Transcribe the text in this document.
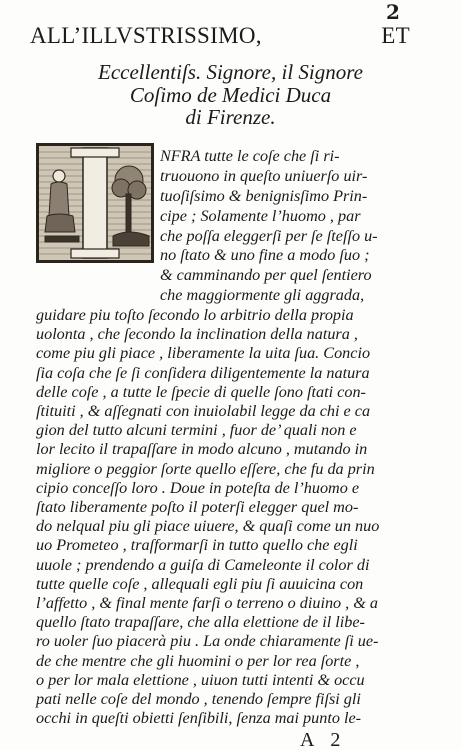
2
ALL’ILLVSTRISSIMO,	ET
Eccellentiſs. Signore, il Signore
Coſimo de Medici Duca
di Firenze.
NFRA tutte le coſe che ſi ri-
truouono in queſto uniuerſo uir-
tuoſiſsimo & benignisſimo Prin-
cipe ; Solamente l’huomo , par
che poſſa eleggerſi per ſe ſteſſo u-
no ſtato & uno fine a modo ſuo ;
& camminando per quel ſentiero
che maggiormente gli aggrada,
guidare piu toſto ſecondo lo arbitrio della propia
uolonta , che ſecondo la inclination della natura ,
come piu gli piace , liberamente la uita ſua. Concio
ſia coſa che ſe ſi conſidera diligentemente la natura
delle coſe , a tutte le ſpecie di quelle ſono ſtati con-
ſtituiti , & aſſegnati con inuiolabil legge da chi e ca
gion del tutto alcuni termini , fuor de’ quali non e
lor lecito il trapaſſare in modo alcuno , mutando in
migliore o peggior ſorte quello eſſere, che fu da prin
cipio conceſſo loro . Doue in poteſta de l’huomo e
ſtato liberamente poſto il poterſi elegger quel mo-
do nelqual piu gli piace uiuere, & quaſi come un nuo
uo Prometeo , traſformarſi in tutto quello che egli
uuole ; prendendo a guiſa di Cameleonte il color di
tutte quelle coſe , allequali egli piu ſi auuicina con
l’affetto , & final mente farſi o terreno o diuino , & a
quello ſtato trapaſſare, che alla elettione de il libe-
ro uoler ſuo piacerà piu . La onde chiaramente ſi ue-
de che mentre che gli huomini o per lor rea ſorte ,
o per lor mala elettione , uiuon tutti intenti & occu
pati nelle coſe del mondo , tenendo ſempre fiſsi gli
occhi in queſti obietti ſenſibili, ſenza mai punto le-
A 2
